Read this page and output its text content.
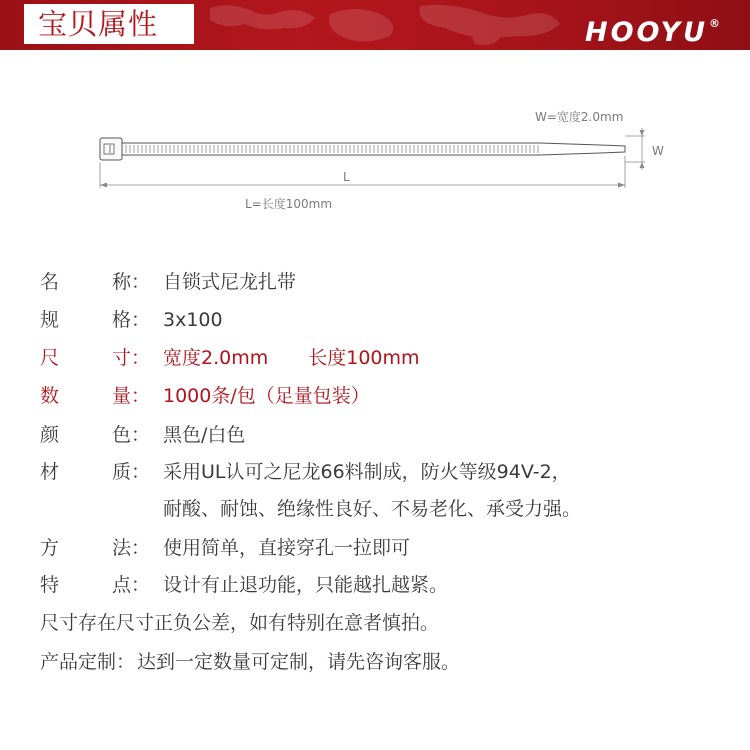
宝贝属性	HOOYU®
W=宽度2.0mm
W
L
L=长度100mm
名	称： 自锁式尼龙扎带
规	格： 3x100
尺	寸： 宽度2.0mm 长度100mm
数	量： 1000条/包（足量包装）
颜	色： 黑色/白色
材	质： 采用UL认可之尼龙66料制成，防火等级94V-2，
耐酸、耐蚀、绝缘性良好、不易老化、承受力强。
方	法： 使用简单，直接穿孔一拉即可
特	点： 设计有止退功能，只能越扎越紧。
尺寸存在尺寸正负公差，如有特别在意者慎拍。
产品定制： 达到一定数量可定制，请先咨询客服。
